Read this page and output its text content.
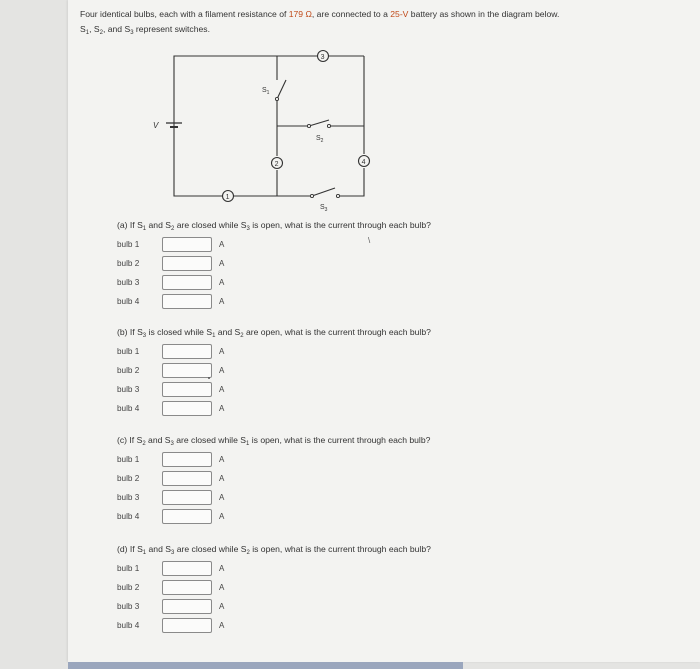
Four identical bulbs, each with a filament resistance of 179 Ω, are connected to a 25-V battery as shown in the diagram below.
$S_1$, $S_2$, and $S_3$ represent switches.
V
1
2
3
4
$S_1$
$S_2$
$S_3$
(a) If $S_1$ and $S_2$ are closed while $S_3$ is open, what is the current through each bulb?
bulb 1	A
bulb 2	A
bulb 3	A
bulb 4	A
(b) If $S_3$ is closed while $S_1$ and $S_2$ are open, what is the current through each bulb?
bulb 1	A
bulb 2	A
bulb 3	A
bulb 4	A
(c) If $S_2$ and $S_3$ are closed while $S_1$ is open, what is the current through each bulb?
bulb 1	A
bulb 2	A
bulb 3	A
bulb 4	A
(d) If $S_1$ and $S_3$ are closed while $S_2$ is open, what is the current through each bulb?
bulb 1	A
bulb 2	A
bulb 3	A
bulb 4	A
\
